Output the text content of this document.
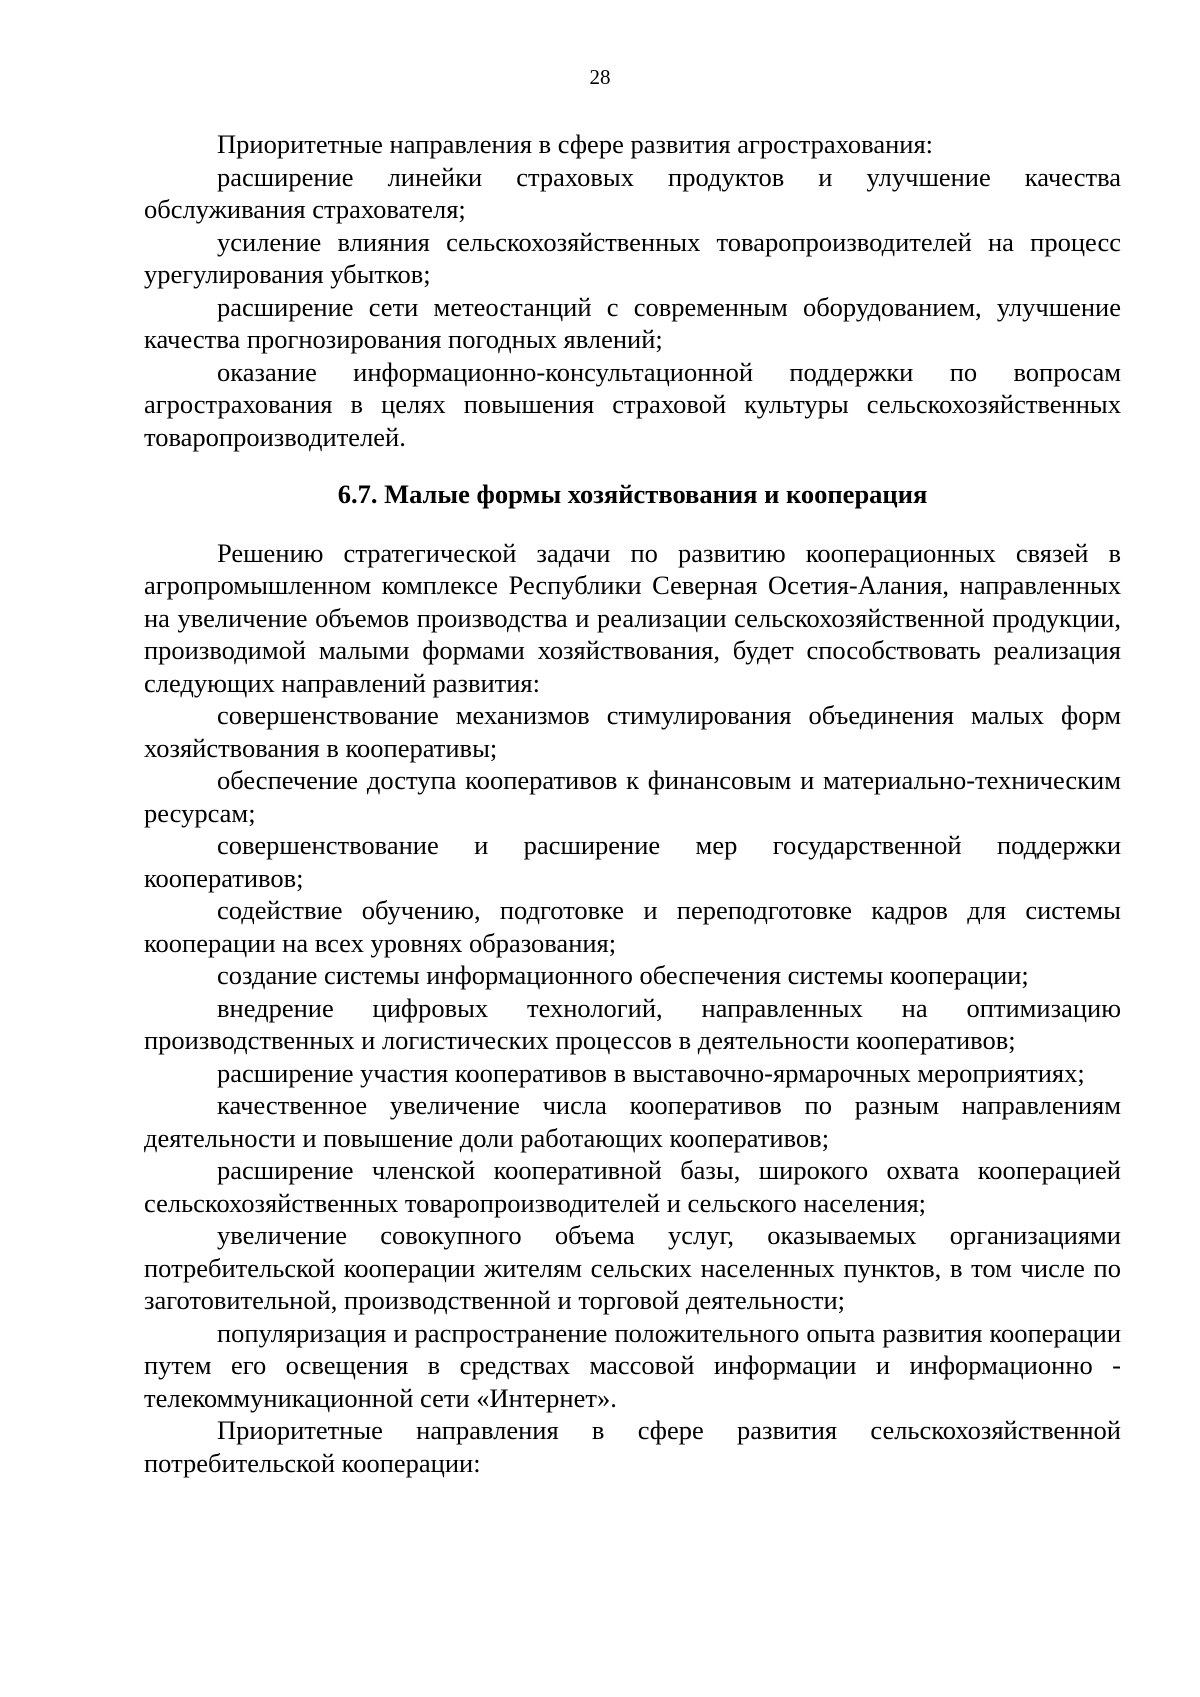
28

Приоритетные направления в сфере развития агрострахования:

расширение линейки страховых продуктов и улучшение качества обслуживания страхователя;

усиление влияния сельскохозяйственных товаропроизводителей на процесс урегулирования убытков;

расширение сети метеостанций с современным оборудованием, улучшение качества прогнозирования погодных явлений;

оказание информационно-консультационной поддержки по вопросам агрострахования в целях повышения страховой культуры сельскохозяйственных товаропроизводителей.

6.7. Малые формы хозяйствования и кооперация

Решению стратегической задачи по развитию кооперационных связей в агропромышленном комплексе Республики Северная Осетия-Алания, направленных на увеличение объемов производства и реализации сельскохозяйственной продукции, производимой малыми формами хозяйствования, будет способствовать реализация следующих направлений развития:

совершенствование механизмов стимулирования объединения малых форм хозяйствования в кооперативы;

обеспечение доступа кооперативов к финансовым и материально-техническим ресурсам;

совершенствование и расширение мер государственной поддержки кооперативов;

содействие обучению, подготовке и переподготовке кадров для системы кооперации на всех уровнях образования;

создание системы информационного обеспечения системы кооперации;

внедрение цифровых технологий, направленных на оптимизацию производственных и логистических процессов в деятельности кооперативов;

расширение участия кооперативов в выставочно-ярмарочных мероприятиях;

качественное увеличение числа кооперативов по разным направлениям деятельности и повышение доли работающих кооперативов;

расширение членской кооперативной базы, широкого охвата кооперацией сельскохозяйственных товаропроизводителей и сельского населения;

увеличение совокупного объема услуг, оказываемых организациями потребительской кооперации жителям сельских населенных пунктов, в том числе по заготовительной, производственной и торговой деятельности;

популяризация и распространение положительного опыта развития кооперации путем его освещения в средствах массовой информации и информационно - телекоммуникационной сети «Интернет».

Приоритетные направления в сфере развития сельскохозяйственной потребительской кооперации:
